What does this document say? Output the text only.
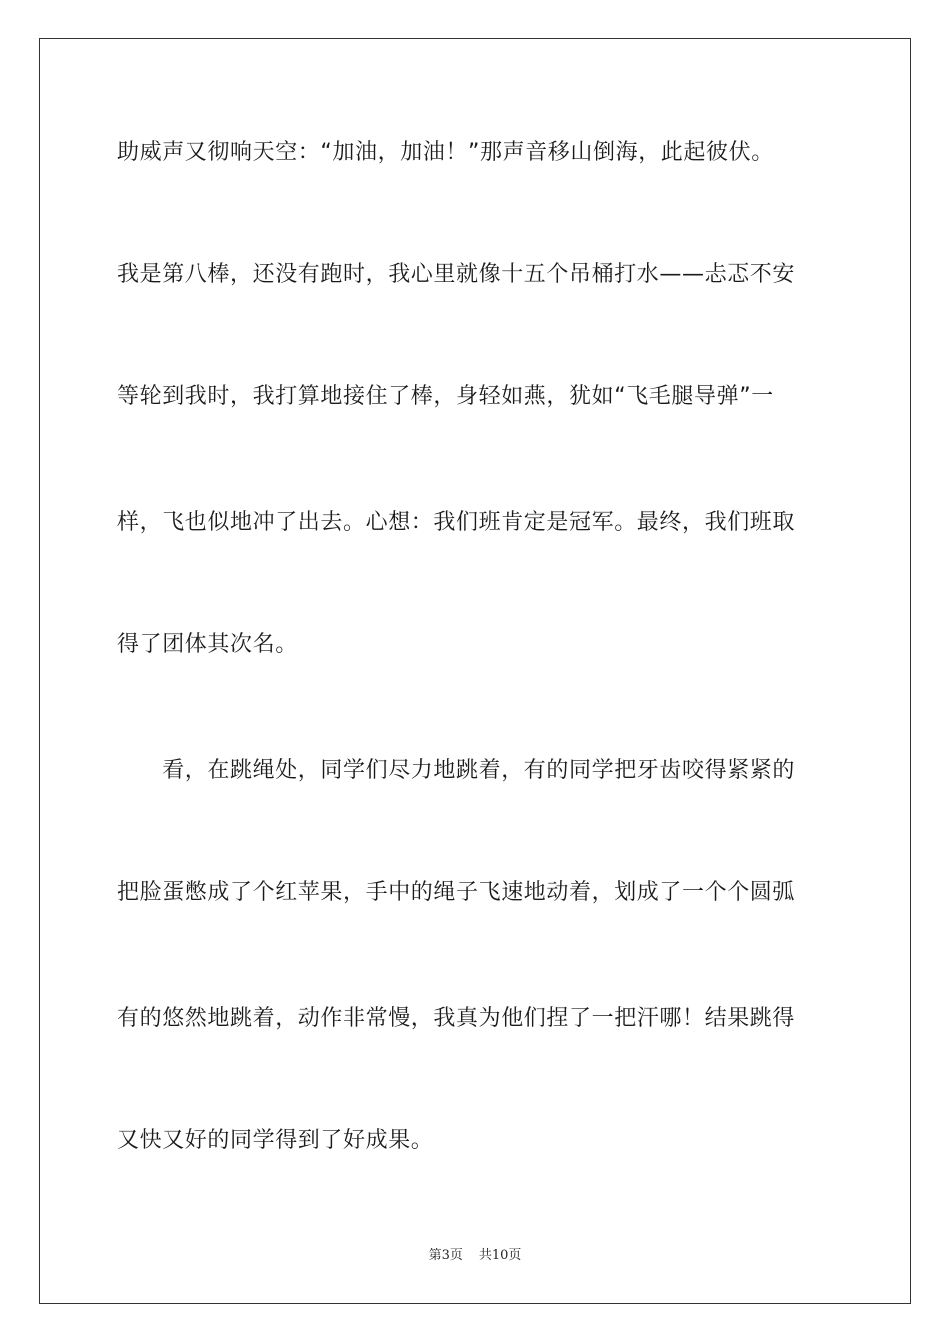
助威声又彻响天空：“加油，加油！”那声音移山倒海，此起彼伏。
我是第八棒，还没有跑时，我心里就像十五个吊桶打水——忐忑不安
等轮到我时，我打算地接住了棒，身轻如燕，犹如“飞毛腿导弹”一
样，飞也似地冲了出去。心想：我们班肯定是冠军。最终，我们班取
得了团体其次名。
　　看，在跳绳处，同学们尽力地跳着，有的同学把牙齿咬得紧紧的
把脸蛋憋成了个红苹果，手中的绳子飞速地动着，划成了一个个圆弧
有的悠然地跳着，动作非常慢，我真为他们捏了一把汗哪！结果跳得
又快又好的同学得到了好成果。
第3页 共10页
